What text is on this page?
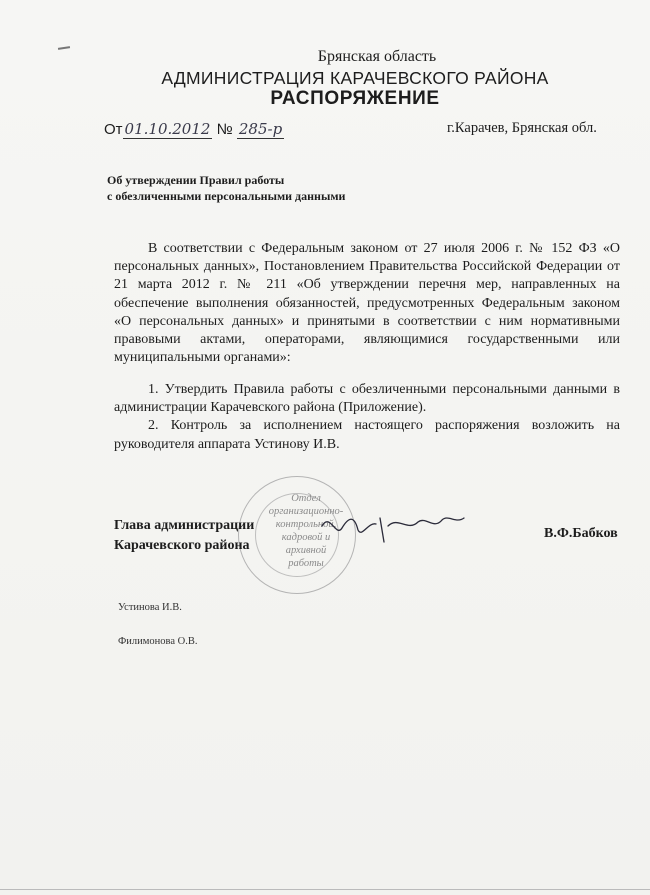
Брянская область
АДМИНИСТРАЦИЯ КАРАЧЕВСКОГО РАЙОНА
РАСПОРЯЖЕНИЕ
От 01.10.2012 № 285-р	г.Карачев, Брянская обл.
Об утверждении Правил работы
с обезличенными персональными данными

В соответствии с Федеральным законом от 27 июля 2006 г. № 152 ФЗ «О персональных данных», Постановлением Правительства Российской Федерации от 21 марта 2012 г. № 211 «Об утверждении перечня мер, направленных на обеспечение выполнения обязанностей, предусмотренных Федеральным законом «О персональных данных» и принятыми в соответствии с ним нормативными правовыми актами, операторами, являющимися государственными или муниципальными органами»:

1. Утвердить Правила работы с обезличенными персональными данными в администрации Карачевского района (Приложение).

2. Контроль за исполнением настоящего распоряжения возложить на руководителя аппарата Устинову И.В.

Отдел
организационно-
контрольной,
кадровой и
архивной работы
Глава администрации
Карачевского района
В.Ф.Бабков
Устинова И.В.
Филимонова О.В.
